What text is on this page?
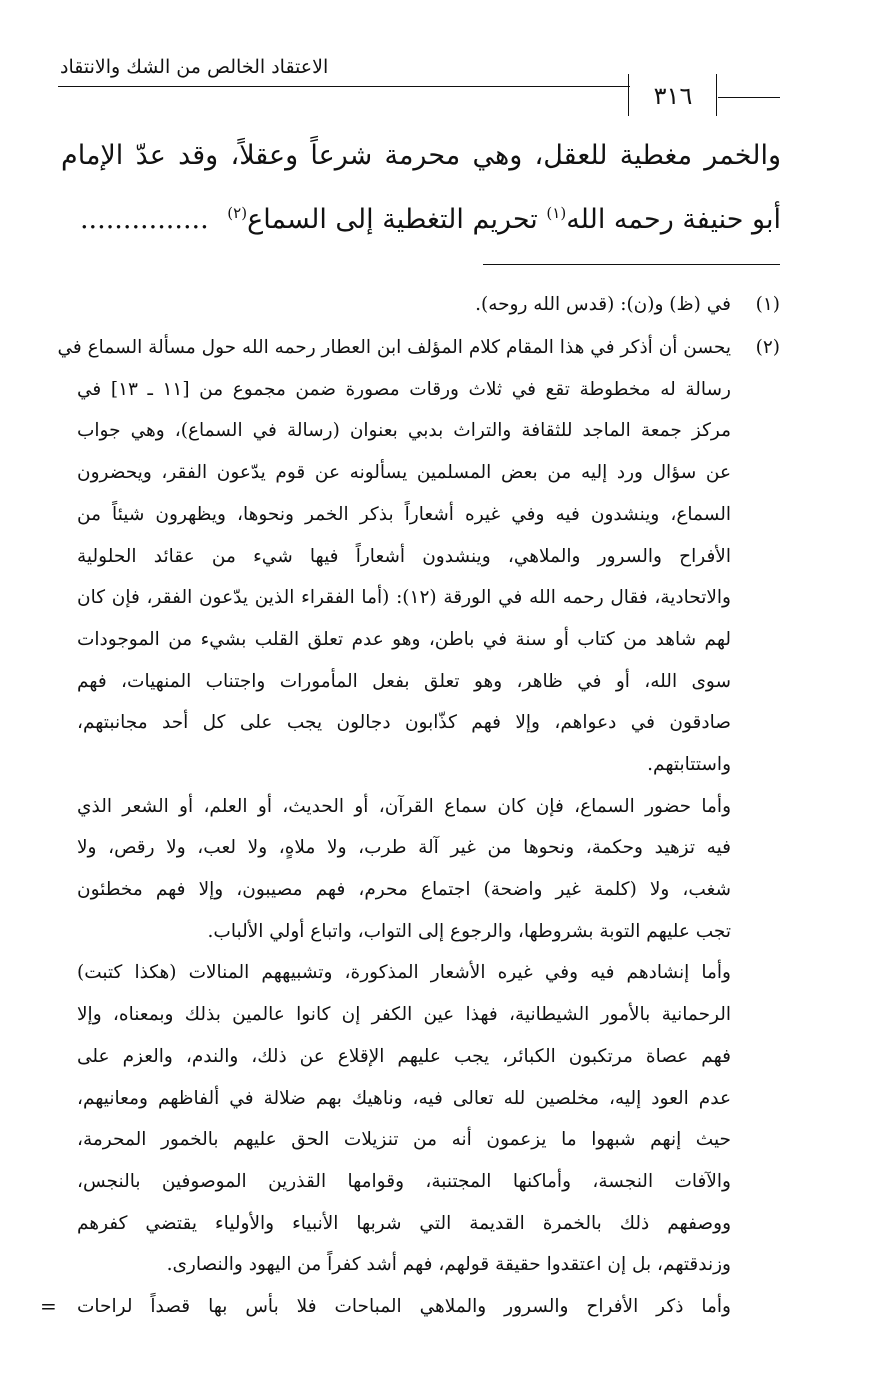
الاعتقاد الخالص من الشك والانتقاد
٣١٦
والخمر مغطية للعقل، وهي محرمة شرعاً وعقلاً، وقد عدّ الإمام
أبو حنيفة رحمه الله$^{(١)}$ تحريم التغطية إلى السماع$^{(٢)}$ ...............
(١)
في (ظ) و(ن): (قدس الله روحه).
(٢)
يحسن أن أذكر في هذا المقام كلام المؤلف ابن العطار رحمه الله حول مسألة السماع في
رسالة له مخطوطة تقع في ثلاث ورقات مصورة ضمن مجموع من [١١ ـ ١٣] في
مركز جمعة الماجد للثقافة والتراث بدبي بعنوان (رسالة في السماع)، وهي جواب
عن سؤال ورد إليه من بعض المسلمين يسألونه عن قوم يدّعون الفقر، ويحضرون
السماع، وينشدون فيه وفي غيره أشعاراً بذكر الخمر ونحوها، ويظهرون شيئاً من
الأفراح والسرور والملاهي، وينشدون أشعاراً فيها شيء من عقائد الحلولية
والاتحادية، فقال رحمه الله في الورقة (١٢): (أما الفقراء الذين يدّعون الفقر، فإن كان
لهم شاهد من كتاب أو سنة في باطن، وهو عدم تعلق القلب بشيء من الموجودات
سوى الله، أو في ظاهر، وهو تعلق بفعل المأمورات واجتناب المنهيات، فهم
صادقون في دعواهم، وإلا فهم كذّابون دجالون يجب على كل أحد مجانبتهم،
واستتابتهم.
وأما حضور السماع، فإن كان سماع القرآن، أو الحديث، أو العلم، أو الشعر الذي
فيه تزهيد وحكمة، ونحوها من غير آلة طرب، ولا ملاهٍ، ولا لعب، ولا رقص، ولا
شغب، ولا (كلمة غير واضحة) اجتماع محرم، فهم مصيبون، وإلا فهم مخطئون
تجب عليهم التوبة بشروطها، والرجوع إلى التواب، واتباع أولي الألباب.
وأما إنشادهم فيه وفي غيره الأشعار المذكورة، وتشبيههم المنالات (هكذا كتبت)
الرحمانية بالأمور الشيطانية، فهذا عين الكفر إن كانوا عالمين بذلك وبمعناه، وإلا
فهم عصاة مرتكبون الكبائر، يجب عليهم الإقلاع عن ذلك، والندم، والعزم على
عدم العود إليه، مخلصين لله تعالى فيه، وناهيك بهم ضلالة في ألفاظهم ومعانيهم،
حيث إنهم شبهوا ما يزعمون أنه من تنزيلات الحق عليهم بالخمور المحرمة،
والآفات النجسة، وأماكنها المجتنبة، وقوامها القذرين الموصوفين بالنجس،
ووصفهم ذلك بالخمرة القديمة التي شربها الأنبياء والأولياء يقتضي كفرهم
وزندقتهم، بل إن اعتقدوا حقيقة قولهم، فهم أشد كفراً من اليهود والنصارى.
وأما ذكر الأفراح والسرور والملاهي المباحات فلا بأس بها قصداً لراحات
=
